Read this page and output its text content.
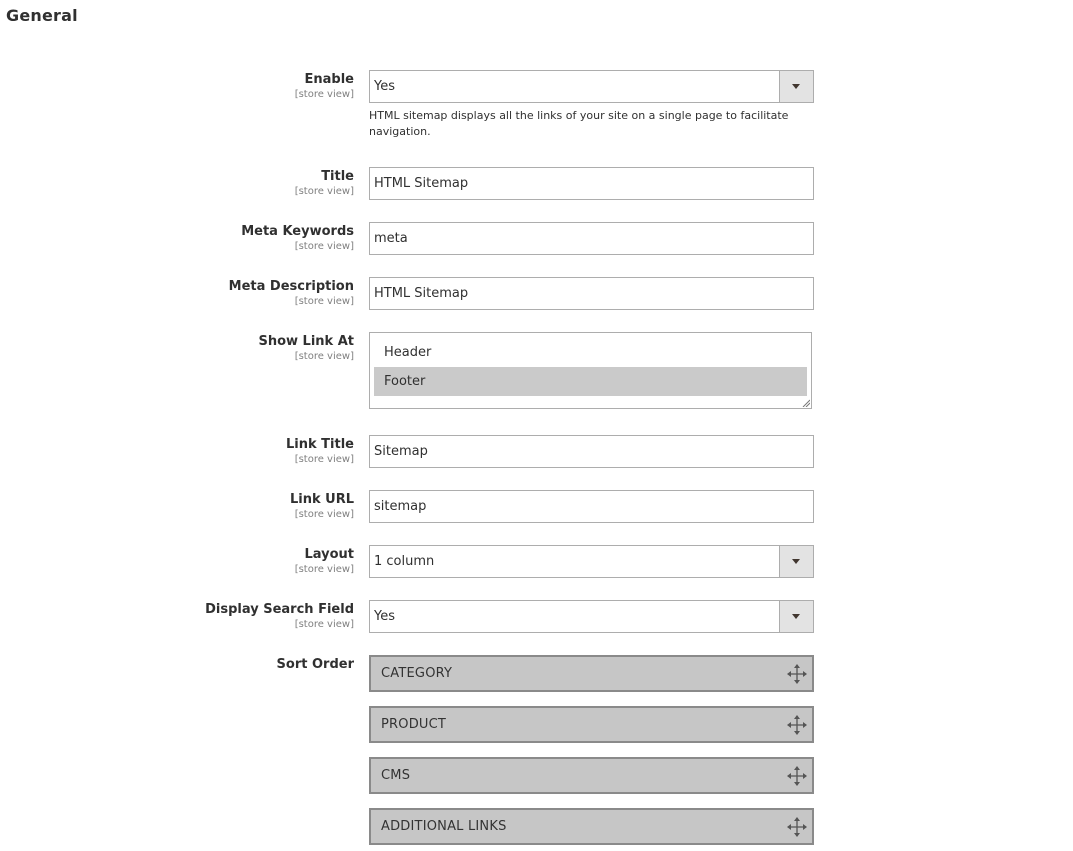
General
Enable
[store view]
Yes
HTML sitemap displays all the links of your site on a single page to facilitate navigation.
Title
[store view]
HTML Sitemap
Meta Keywords
[store view]
meta
Meta Description
[store view]
HTML Sitemap
Show Link At
[store view]	Header
Footer
Link Title
[store view]
Sitemap
Link URL
[store view]
sitemap
Layout
[store view]
1 column
Display Search Field
[store view]
Yes
Sort Order
CATEGORY
PRODUCT
CMS
ADDITIONAL LINKS
